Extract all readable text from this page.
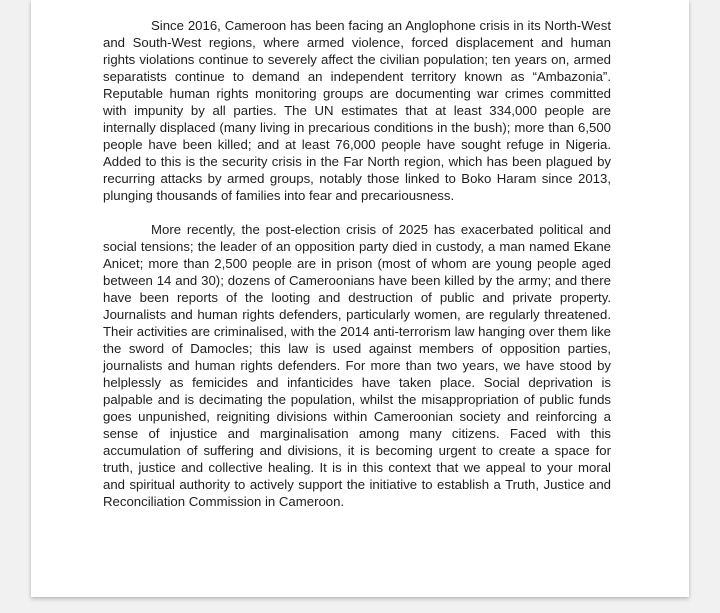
Since 2016, Cameroon has been facing an Anglophone crisis in its North-West and South-West regions, where armed violence, forced displacement and human rights violations continue to severely affect the civilian population; ten years on, armed separatists continue to demand an independent territory known as “Ambazonia”. Reputable human rights monitoring groups are documenting war crimes committed with impunity by all parties. The UN estimates that at least 334,000 people are internally displaced (many living in precarious conditions in the bush); more than 6,500 people have been killed; and at least 76,000 people have sought refuge in Nigeria. Added to this is the security crisis in the Far North region, which has been plagued by recurring attacks by armed groups, notably those linked to Boko Haram since 2013, plunging thousands of families into fear and precariousness.

More recently, the post-election crisis of 2025 has exacerbated political and social tensions; the leader of an opposition party died in custody, a man named Ekane Anicet; more than 2,500 people are in prison (most of whom are young people aged between 14 and 30); dozens of Cameroonians have been killed by the army; and there have been reports of the looting and destruction of public and private property. Journalists and human rights defenders, particularly women, are regularly threatened. Their activities are criminalised, with the 2014 anti-terrorism law hanging over them like the sword of Damocles; this law is used against members of opposition parties, journalists and human rights defenders. For more than two years, we have stood by helplessly as femicides and infanticides have taken place. Social deprivation is palpable and is decimating the population, whilst the misappropriation of public funds goes unpunished, reigniting divisions within Cameroonian society and reinforcing a sense of injustice and marginalisation among many citizens. Faced with this accumulation of suffering and divisions, it is becoming urgent to create a space for truth, justice and collective healing. It is in this context that we appeal to your moral and spiritual authority to actively support the initiative to establish a Truth, Justice and Reconciliation Commission in Cameroon.
